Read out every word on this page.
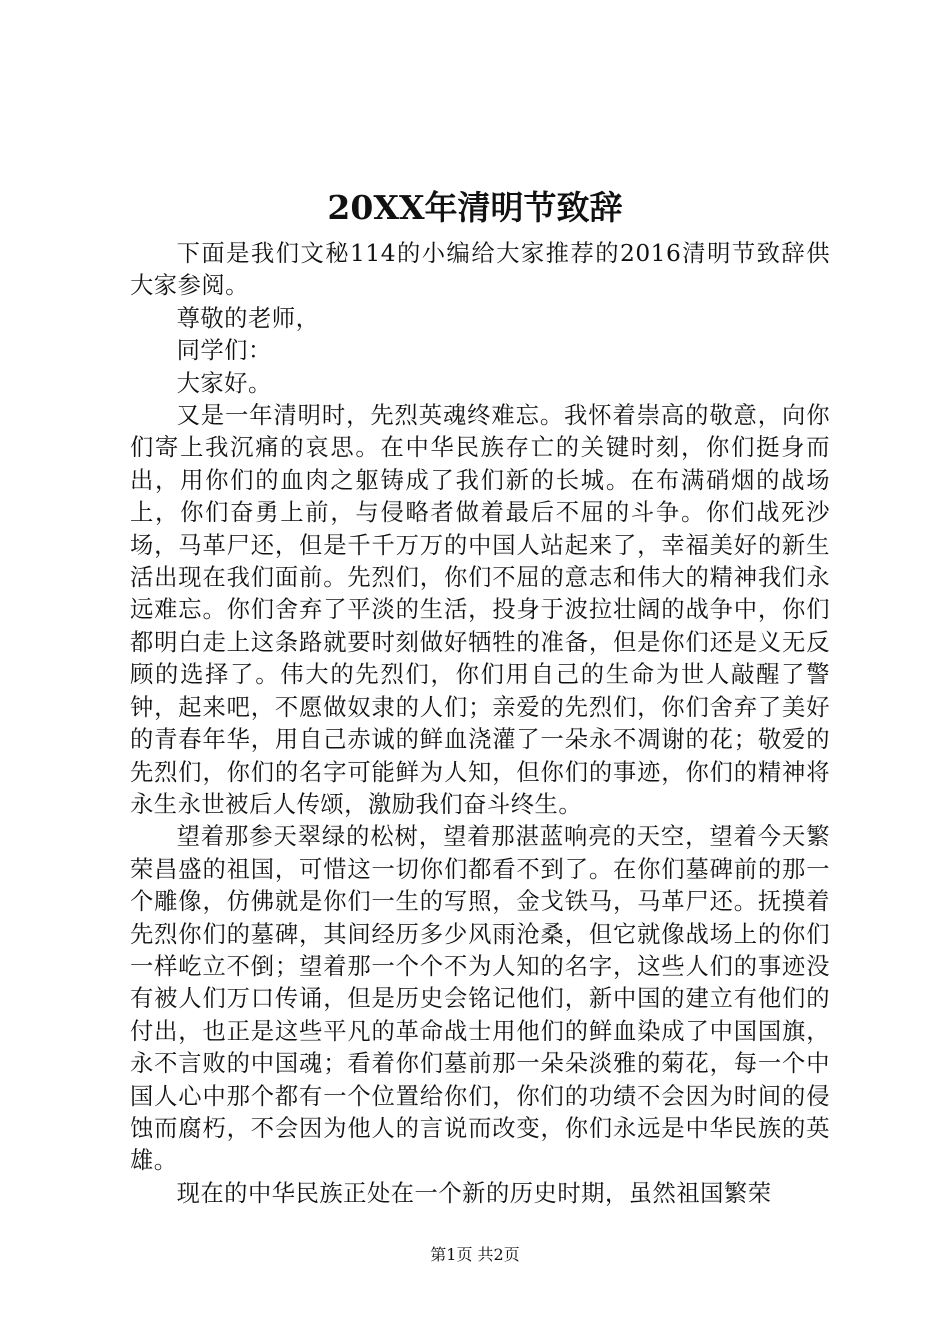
20XX年清明节致辞

下面是我们文秘114的小编给大家推荐的2016清明节致辞供大家参阅。

尊敬的老师，

同学们：

大家好。

又是一年清明时，先烈英魂终难忘。我怀着崇高的敬意，向你们寄上我沉痛的哀思。在中华民族存亡的关键时刻，你们挺身而出，用你们的血肉之躯铸成了我们新的长城。在布满硝烟的战场上，你们奋勇上前，与侵略者做着最后不屈的斗争。你们战死沙场，马革尸还，但是千千万万的中国人站起来了，幸福美好的新生活出现在我们面前。先烈们，你们不屈的意志和伟大的精神我们永远难忘。你们舍弃了平淡的生活，投身于波拉壮阔的战争中，你们都明白走上这条路就要时刻做好牺牲的准备，但是你们还是义无反顾的选择了。伟大的先烈们，你们用自己的生命为世人敲醒了警钟，起来吧，不愿做奴隶的人们；亲爱的先烈们，你们舍弃了美好的青春年华，用自己赤诚的鲜血浇灌了一朵永不凋谢的花；敬爱的先烈们，你们的名字可能鲜为人知，但你们的事迹，你们的精神将永生永世被后人传颂，激励我们奋斗终生。

望着那参天翠绿的松树，望着那湛蓝响亮的天空，望着今天繁荣昌盛的祖国，可惜这一切你们都看不到了。在你们墓碑前的那一个雕像，仿佛就是你们一生的写照，金戈铁马，马革尸还。抚摸着先烈你们的墓碑，其间经历多少风雨沧桑，但它就像战场上的你们一样屹立不倒；望着那一个个不为人知的名字，这些人们的事迹没有被人们万口传诵，但是历史会铭记他们，新中国的建立有他们的付出，也正是这些平凡的革命战士用他们的鲜血染成了中国国旗，永不言败的中国魂；看着你们墓前那一朵朵淡雅的菊花，每一个中国人心中那个都有一个位置给你们，你们的功绩不会因为时间的侵蚀而腐朽，不会因为他人的言说而改变，你们永远是中华民族的英雄。

现在的中华民族正处在一个新的历史时期，虽然祖国繁荣

第1页 共2页
